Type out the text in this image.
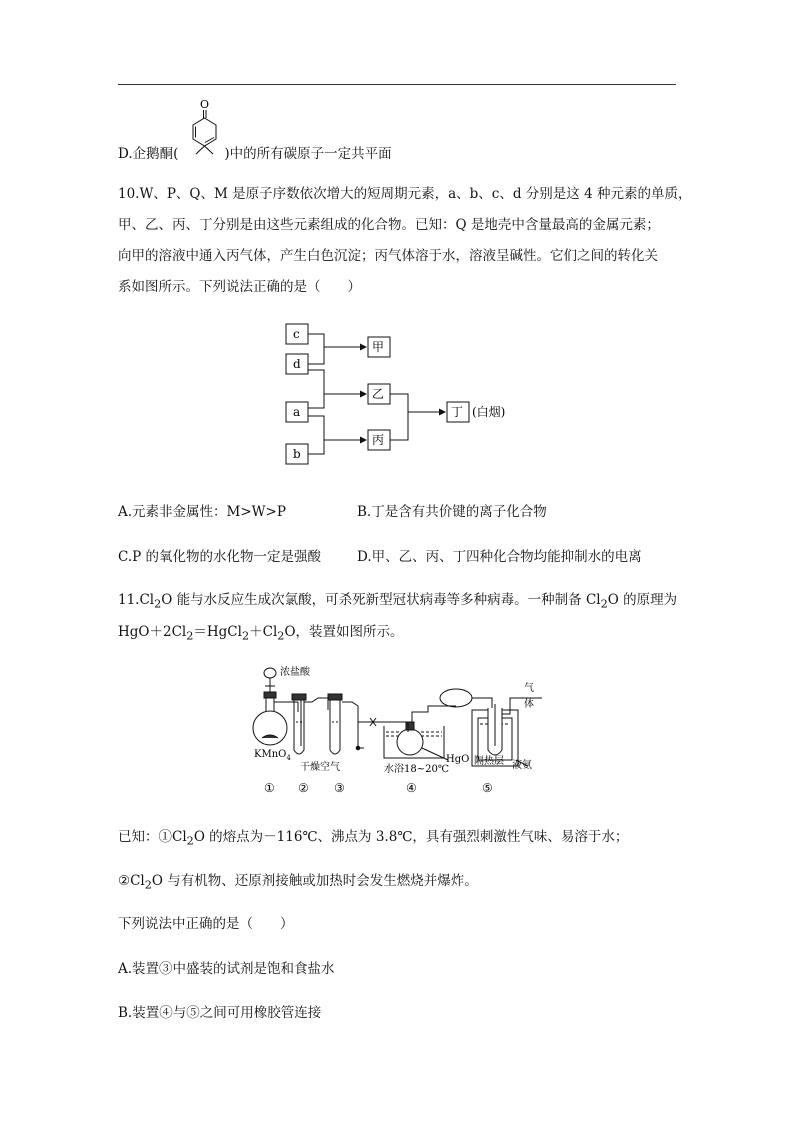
D.企鹅酮(	)中的所有碳原子一定共平面
O
10.W、P、Q、M 是原子序数依次增大的短周期元素，a、b、c、d 分别是这 4 种元素的单质，
甲、乙、丙、丁分别是由这些元素组成的化合物。已知：Q 是地壳中含量最高的金属元素；
向甲的溶液中通入丙气体，产生白色沉淀；丙气体溶于水，溶液呈碱性。它们之间的转化关
系如图所示。下列说法正确的是（　　）
c
d
a
b
甲
乙
丙
丁 (白烟)
A.元素非金属性：M>W>P	B.丁是含有共价键的离子化合物
C.P 的氧化物的水化物一定是强酸	D.甲、乙、丙、丁四种化合物均能抑制水的电离
$11.Cl_2O$ 能与水反应生成次氯酸，可杀死新型冠状病毒等多种病毒。一种制备 $Cl_2O$ 的原理为
$HgO+2Cl_2=HgCl_2+Cl_2O$，装置如图所示。
浓盐酸
KMnO$_4$
干燥空气	水浴18~20℃
HgO 隔热层 液氨
气
体
① ② ③	④	⑤
已知：$①Cl_2O$ 的熔点为－116℃、沸点为 3.8℃，具有强烈刺激性气味、易溶于水；
$②Cl_2O$ 与有机物、还原剂接触或加热时会发生燃烧并爆炸。
下列说法中正确的是（　　）
A.装置③中盛装的试剂是饱和食盐水
B.装置④与⑤之间可用橡胶管连接
